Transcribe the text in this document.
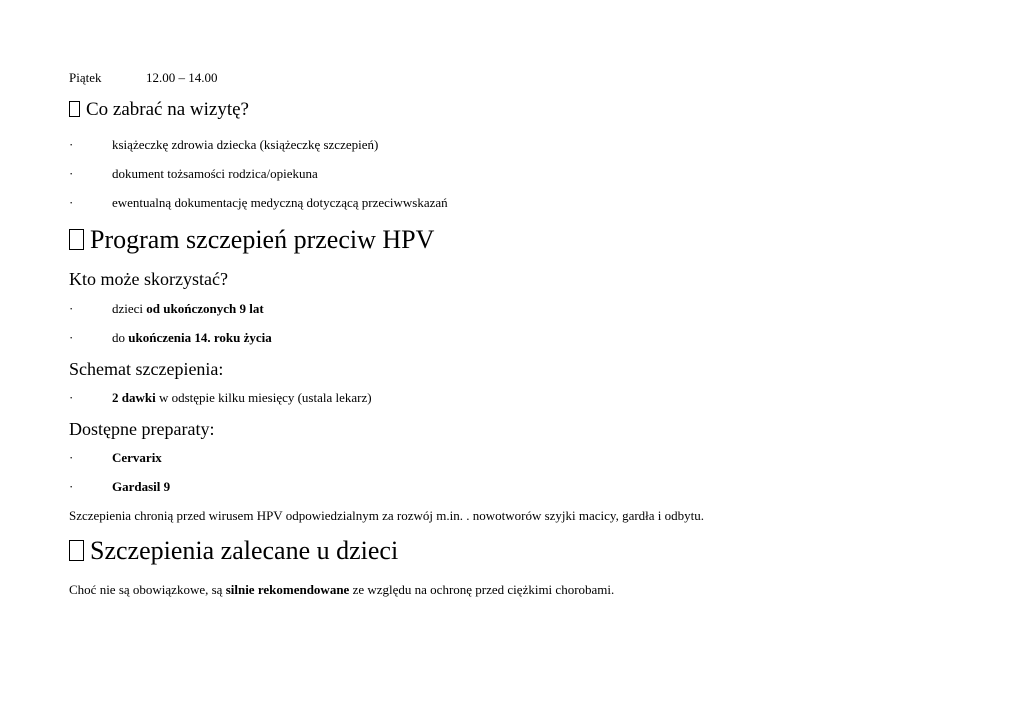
Piątek	12.00 – 14.00
Co zabrać na wizytę?
·	książeczkę zdrowia dziecka (książeczkę szczepień)
·	dokument tożsamości rodzica/opiekuna
·	ewentualną dokumentację medyczną dotyczącą przeciwwskazań
Program szczepień przeciw HPV
Kto może skorzystać?
·	dzieci od ukończonych 9 lat
·	do ukończenia 14. roku życia
Schemat szczepienia:
·	2 dawki w odstępie kilku miesięcy (ustala lekarz)
Dostępne preparaty:
·	Cervarix
·	Gardasil 9
Szczepienia chronią przed wirusem HPV odpowiedzialnym za rozwój m.in. . nowotworów szyjki macicy, gardła i odbytu.
Szczepienia zalecane u dzieci
Choć nie są obowiązkowe, są silnie rekomendowane ze względu na ochronę przed ciężkimi chorobami.
